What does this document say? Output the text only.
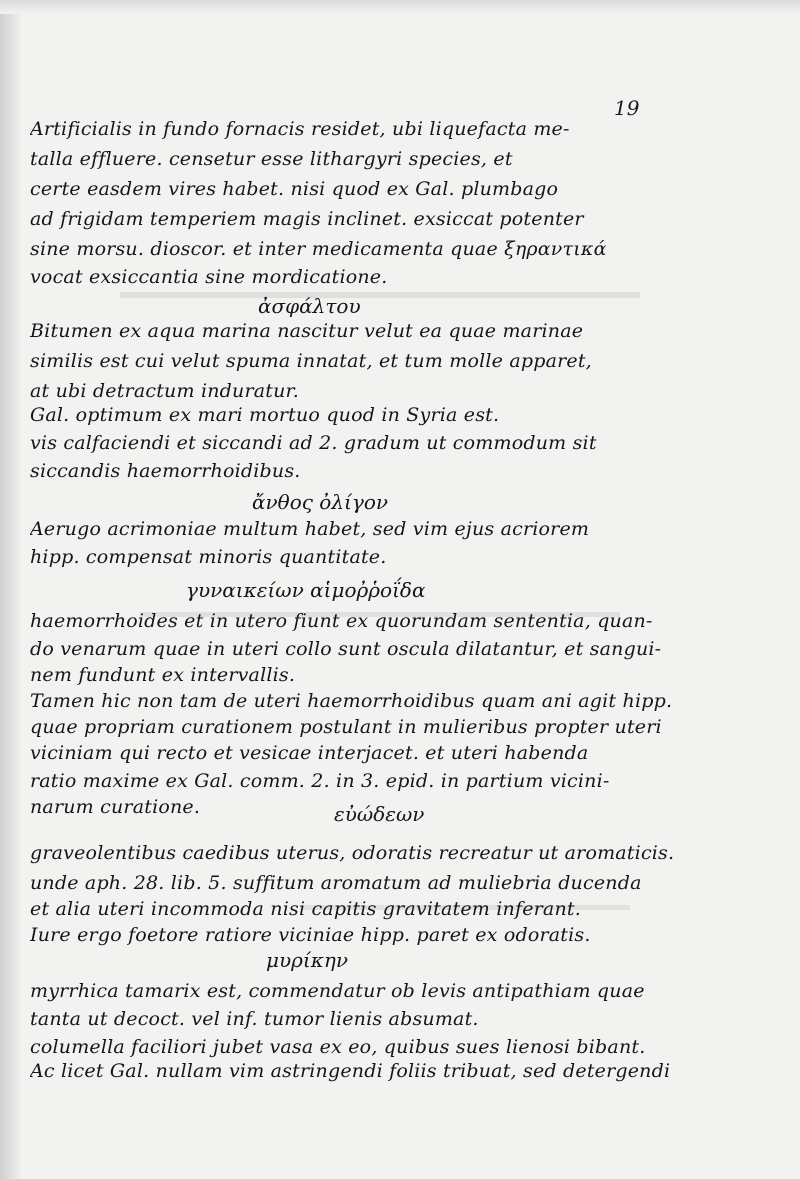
19
Artificialis in fundo fornacis residet, ubi liquefacta me-
talla effluere. censetur esse lithargyri species, et
certe easdem vires habet. nisi quod ex Gal. plumbago
ad frigidam temperiem magis inclinet. exsiccat potenter
sine morsu. dioscor. et inter medicamenta quae ξηραντικά
vocat exsiccantia sine mordicatione.
ἀσφάλτου
Bitumen ex aqua marina nascitur velut ea quae marinae
similis est cui velut spuma innatat, et tum molle apparet,
at ubi detractum induratur.
Gal. optimum ex mari mortuo quod in Syria est.
vis calfaciendi et siccandi ad 2. gradum ut commodum sit
siccandis haemorrhoidibus.
ἄνθος ὀλίγον
Aerugo acrimoniae multum habet, sed vim ejus acriorem
hipp. compensat minoris quantitate.
γυναικείων αἱμοῤῥοΐδα
haemorrhoides et in utero fiunt ex quorundam sententia, quan-
do venarum quae in uteri collo sunt oscula dilatantur, et sangui-
nem fundunt ex intervallis.
Tamen hic non tam de uteri haemorrhoidibus quam ani agit hipp.
quae propriam curationem postulant in mulieribus propter uteri
viciniam qui recto et vesicae interjacet. et uteri habenda
ratio maxime ex Gal. comm. 2. in 3. epid. in partium vicini-
narum curatione.	εὐώδεων
graveolentibus caedibus uterus, odoratis recreatur ut aromaticis.
unde aph. 28. lib. 5. suffitum aromatum ad muliebria ducenda
et alia uteri incommoda nisi capitis gravitatem inferant.
Iure ergo foetore ratiore viciniae hipp. paret ex odoratis.
μυρίκην
myrrhica tamarix est, commendatur ob levis antipathiam quae
tanta ut decoct. vel inf. tumor lienis absumat.
columella faciliori jubet vasa ex eo, quibus sues lienosi bibant.
Ac licet Gal. nullam vim astringendi foliis tribuat, sed detergendi
